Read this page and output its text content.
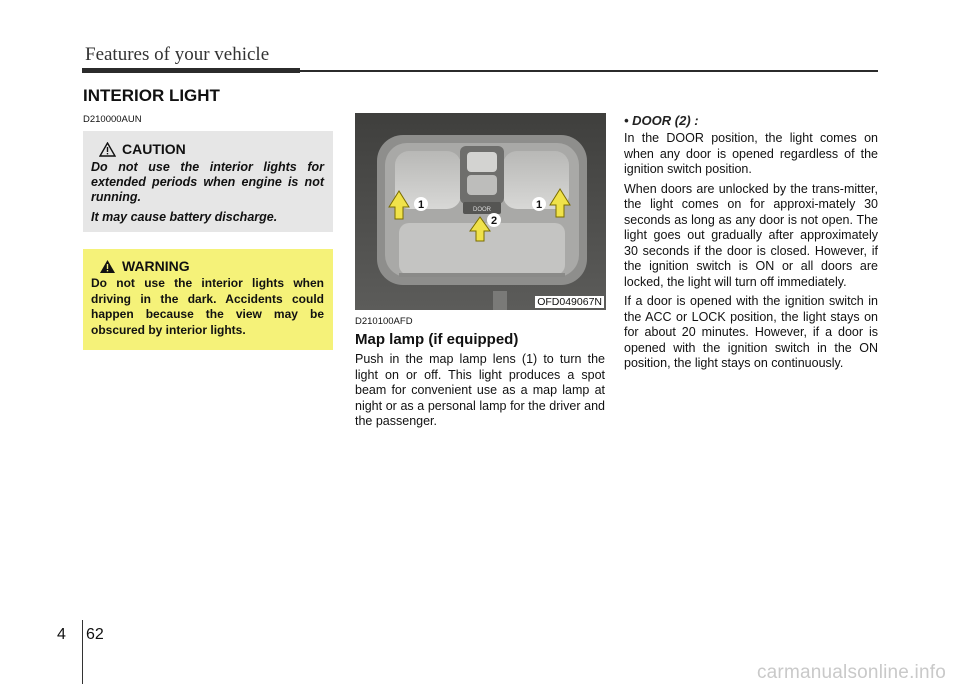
Features of your vehicle
INTERIOR LIGHT
D210000AUN
CAUTION

Do not use the interior lights for extended periods when engine is not running.

It may cause battery discharge.

WARNING
Do not use the interior lights when driving in the dark. Accidents could happen because the view may be obscured by interior lights.
DOOR
1
2
1
OFD049067N
D210100AFD
Map lamp (if equipped)
Push in the map lamp lens (1) to turn the light on or off. This light produces a spot beam for convenient use as a map lamp at night or as a personal lamp for the driver and the passenger.
• DOOR (2) :

In the DOOR position, the light comes on when any door is opened regardless of the ignition switch position.

When doors are unlocked by the trans-mitter, the light comes on for approxi-mately 30 seconds as long as any door is not open. The light goes out gradually after approximately 30 seconds if the door is closed. However, if the ignition switch is ON or all doors are locked, the light will turn off immediately.

If a door is opened with the ignition switch in the ACC or LOCK position, the light stays on for about 20 minutes. However, if a door is opened with the ignition switch in the ON position, the light stays on continuously.

4 62
carmanualsonline.info
